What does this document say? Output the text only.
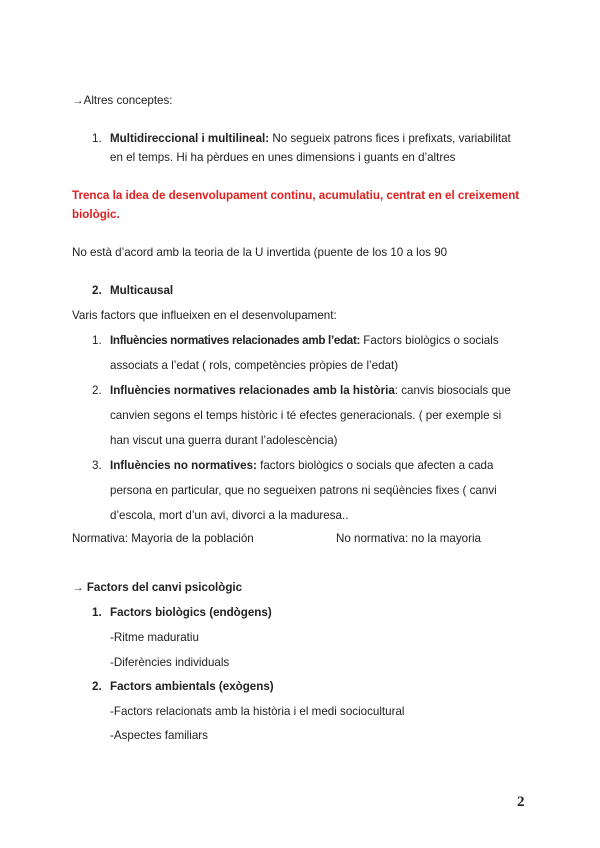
→Altres conceptes:
1. Multidireccional i multilineal: No segueix patrons fices i prefixats, variabilitat
en el temps. Hi ha pèrdues en unes dimensions i guants en d’altres
Trenca la idea de desenvolupament continu, acumulatiu, centrat en el creixement
biològic.
No està d’acord amb la teoria de la U invertida (puente de los 10 a los 90
2. Multicausal
Varis factors que influeixen en el desenvolupament:
1. Influències normatives relacionades amb l’edat: Factors biològics o socials
associats a l’edat ( rols, competències pròpies de l’edat)
2. Influències normatives relacionades amb la història: canvis biosocials que
canvien segons el temps històric i té efectes generacionals. ( per exemple si
han viscut una guerra durant l’adolescència)
3. Influències no normatives: factors biològics o socials que afecten a cada
persona en particular, que no segueixen patrons ni seqüències fixes ( canvi
d’escola, mort d’un avi, divorci a la maduresa..
Normativa: Mayoria de la población	No normativa: no la mayoria
→ Factors del canvi psicològic
1. Factors biològics (endògens)
-Ritme maduratiu
-Diferències individuals
2. Factors ambientals (exògens)
-Factors relacionats amb la història i el medi sociocultural
-Aspectes familiars
2
